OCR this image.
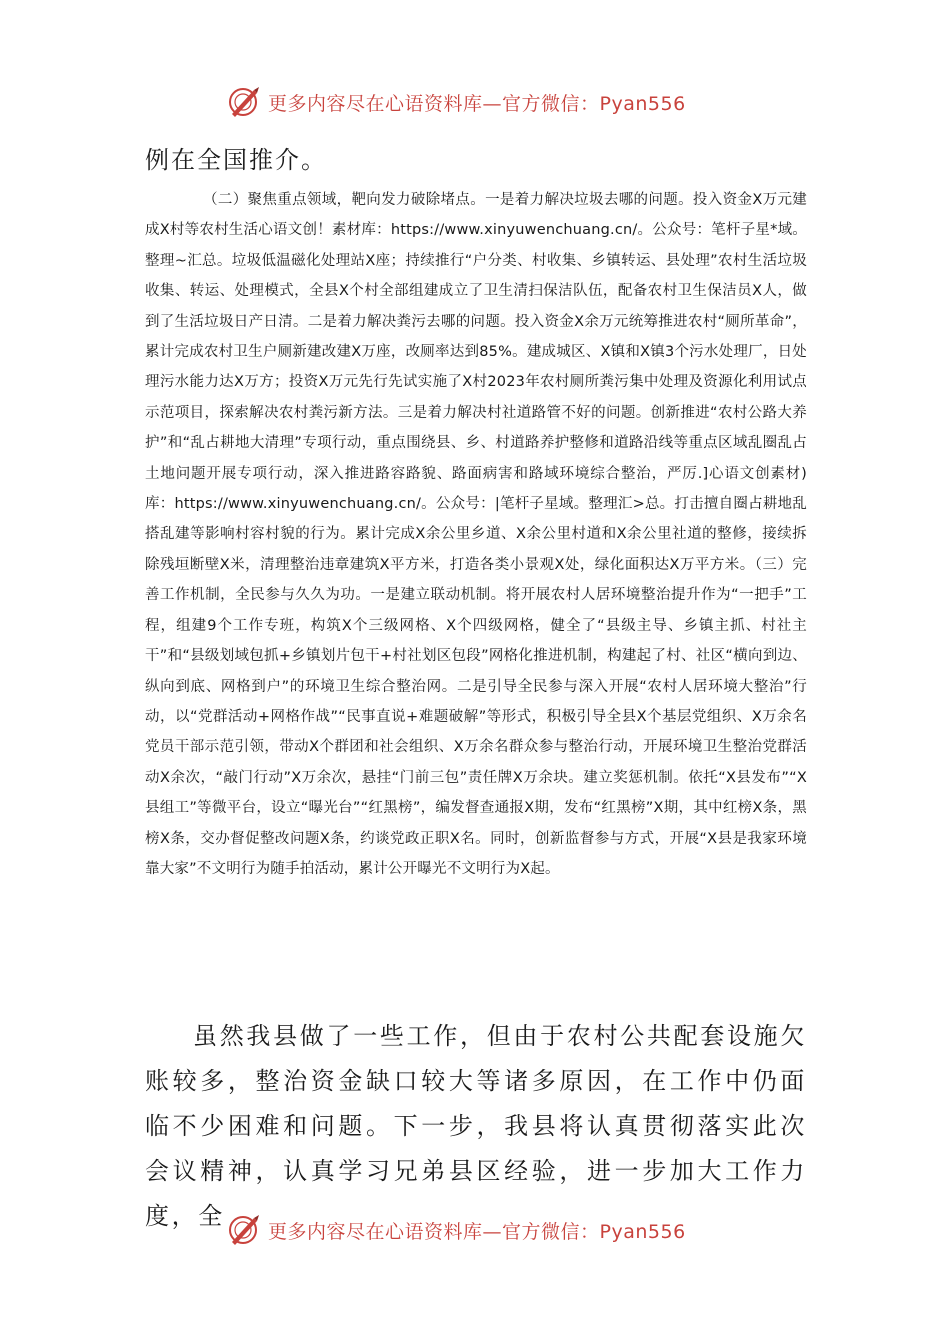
更多内容尽在心语资料库—官方微信：Pyan556
例在全国推介。
（二）聚焦重点领域，靶向发力破除堵点。一是着力解决垃圾去哪的问题。投入资金X万元建成X村等农村生活心语文创！素材库：https://www.xinyuwenchuang.cn/。公众号：笔杆子星*域。整理~汇总。垃圾低温磁化处理站X座；持续推行“户分类、村收集、乡镇转运、县处理”农村生活垃圾收集、转运、处理模式，全县X个村全部组建成立了卫生清扫保洁队伍，配备农村卫生保洁员X人，做到了生活垃圾日产日清。二是着力解决粪污去哪的问题。投入资金X余万元统筹推进农村“厕所革命”，累计完成农村卫生户厕新建改建X万座，改厕率达到85%。建成城区、X镇和X镇3个污水处理厂，日处理污水能力达X万方；投资X万元先行先试实施了X村2023年农村厕所粪污集中处理及资源化利用试点示范项目，探索解决农村粪污新方法。三是着力解决村社道路管不好的问题。创新推进“农村公路大养护”和“乱占耕地大清理”专项行动，重点围绕县、乡、村道路养护整修和道路沿线等重点区域乱圈乱占土地问题开展专项行动，深入推进路容路貌、路面病害和路域环境综合整治，严厉.]心语文创素材)库：https://www.xinyuwenchuang.cn/。公众号：|笔杆子星域。整理汇>总。打击擅自圈占耕地乱搭乱建等影响村容村貌的行为。累计完成X余公里乡道、X余公里村道和X余公里社道的整修，接续拆除残垣断壁X米，清理整治违章建筑X平方米，打造各类小景观X处，绿化面积达X万平方米。（三）完善工作机制，全民参与久久为功。一是建立联动机制。将开展农村人居环境整治提升作为“一把手”工程，组建9个工作专班，构筑X个三级网格、X个四级网格，健全了“县级主导、乡镇主抓、村社主干”和“县级划域包抓+乡镇划片包干+村社划区包段”网格化推进机制，构建起了村、社区“横向到边、纵向到底、网格到户”的环境卫生综合整治网。二是引导全民参与深入开展“农村人居环境大整治”行动，以“党群活动+网格作战”“民事直说+难题破解”等形式，积极引导全县X个基层党组织、X万余名党员干部示范引领，带动X个群团和社会组织、X万余名群众参与整治行动，开展环境卫生整治党群活动X余次，“敲门行动”X万余次，悬挂“门前三包”责任牌X万余块。建立奖惩机制。依托“X县发布”“X县组工”等微平台，设立“曝光台”“红黑榜”，编发督查通报X期，发布“红黑榜”X期，其中红榜X条，黑榜X条，交办督促整改问题X条，约谈党政正职X名。同时，创新监督参与方式，开展“X县是我家环境靠大家”不文明行为随手拍活动，累计公开曝光不文明行为X起。
虽然我县做了一些工作，但由于农村公共配套设施欠账较多，整治资金缺口较大等诸多原因，在工作中仍面临不少困难和问题。下一步，我县将认真贯彻落实此次会议精神，认真学习兄弟县区经验，进一步加大工作力度，全
更多内容尽在心语资料库—官方微信：Pyan556
